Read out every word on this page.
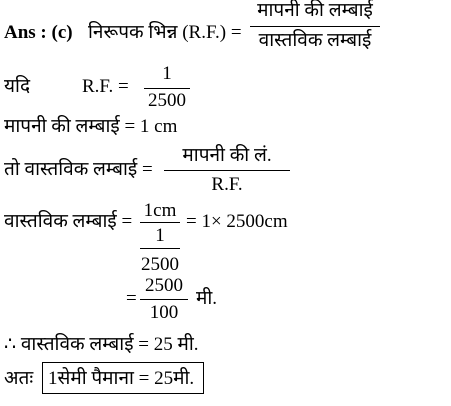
Ans : (c) निरूपक भिन्न (R.F.) =
मापनी की लम्बाई
वास्तविक लम्बाई
यदि	R.F. =
1
2500
मापनी की लम्बाई = 1 cm
तो वास्तविक लम्बाई =
मापनी की लं.
R.F.
वास्तविक लम्बाई =
1cm
1
2500
= 1× 2500cm
=
2500
100
मी.
∴ वास्तविक लम्बाई = 25 मी.
अतः 1सेमी पैमाना = 25मी.
